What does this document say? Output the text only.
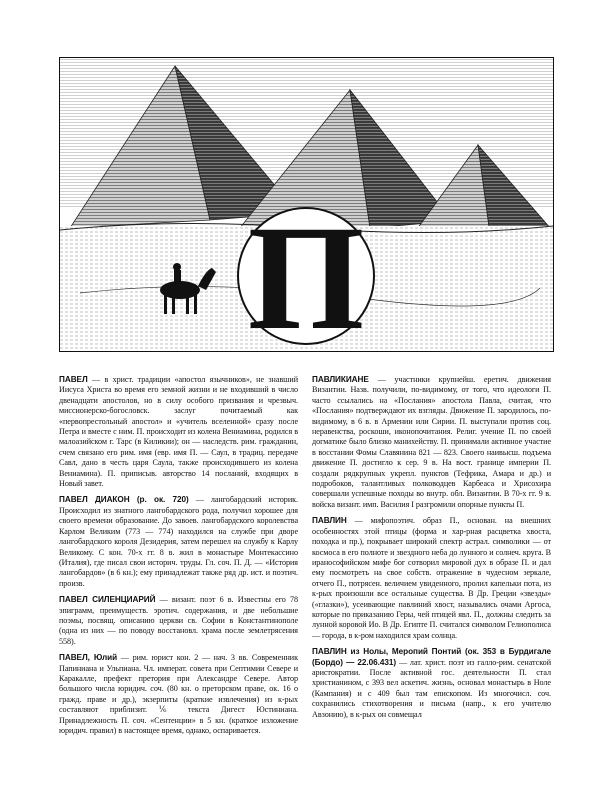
П

ПАВЕЛ — в христ. традиции «апостол язычников», не знавший Иисуса Христа во время его земной жизни и не входивший в число двенадцати апостолов, но в силу особого призвания и чрезвыч. миссионерско-богословск. заслуг почитаемый как «первопрестольный апостол» и «учитель вселенной» сразу после Петра и вместе с ним. П. происходит из колена Вениамина, родился в малоазийском г. Тарс (в Киликии); он — наследств. рим. гражданин, счем связано его рим. имя (евр. имя П. — Саул, в традиц. передаче Савл, дано в честь царя Саула, также происходившего из колена Вениамина). П. приписыв. авторство 14 посланий, входящих в Новый завет.

ПАВЕЛ ДИАКОН (р. ок. 720) — лангобардский историк. Происходил из знатного лангобардского рода, получил хорошее для своего времени образование. До завоев. лангобардского королевства Карлом Великим (773 — 774) находился на службе при дворе лангобардского короля Дезидерия, затем перешел на службу к Карлу Великому. С кон. 70-х гг. 8 в. жил в монастыре Монтекассино (Италия), где писал свои историч. труды. Гл. соч. П. Д. — «История лангобардов» (в 6 кн.); ему принадлежат также ряд др. ист. и поэтич. произв.

ПАВЕЛ СИЛЕНЦИАРИЙ — визант. поэт 6 в. Известны его 78 эпиграмм, преимуществ. эротич. содержания, и две небольшие поэмы, посвящ. описанию церкви св. Софии в Константинополе (одна из них — по поводу восстановл. храма после землетрясения 558).

ПАВЕЛ, Юлий — рим. юрист кон. 2 — нач. 3 вв. Современник Папиниана и Ульпиана. Чл. императ. совета при Септимии Севере и Каракалле, префект претория при Александре Севере. Автор большого числа юридич. соч. (80 кн. о преторском праве, ок. 16 о гражд. праве и др.), экзерпиты (краткие извлечения) из к-рых составляют приблизит. ⅙ текста Дигест Юстиниана. Принадлежность П. соч. «Сентенции» в 5 кн. (краткое изложение юридич. правил) в настоящее время, однако, оспаривается.

ПАВЛИКИАНЕ — участники крупнейш. еретич. движения Византии. Назв. получили, по-видимому, от того, что идеологи П. часто ссылались на «Послания» апостола Павла, считая, что «Послания» подтверждают их взгляды. Движение П. зародилось, по-видимому, в 6 в. в Армении или Сирии. П. выступали против соц. неравенства, роскоши, иконопочитания. Религ. учение П. по своей догматике было близко манихейству. П. принимали активное участие в восстании Фомы Славянина 821 — 823. Своего наивысш. подъема движение П. достигло к сер. 9 в. На вост. границе империи П. создали рядкрупных укрепл. пунктов (Тефрика, Амара и др.) и подробоков, талантливых полководцев Карбеаса и Хрисохира совершали успешные походы во внутр. обл. Византии. В 70-х гг. 9 в. войска визант. имп. Василия I разгромили опорные пункты П.

ПАВЛИН — мифопоэтич. образ П., основан. на внешних особенностях этой птицы (форма и хар-рная расцветка хвоста, походка и пр.), покрывает широкий спектр астрал. символики — от космоса в его полноте и звездного неба до лунного и солнеч. круга. В иранософийском мифе бог сотворил мировой дух в образе П. и дал ему посмотреть на свое собств. отражение в чудесном зеркале, отчего П., потрясен. величием увиденного, пролил капельки пота, из к-рых произошли все остальные существа. В Др. Греции «звезды» («глазки»), усеивающие павлиний хвост, назывались очами Аргоса, которые по приказанию Геры, чей птицей явл. П., должны следить за лунной коровой Ио. В Др. Египте П. считался символом Гелиополиса — города, в к-ром находился храм солнца.

ПАВЛИН из Нолы, Меропий Понтий (ок. 353 в Бурдигале (Бордо) — 22.06.431) — лат. христ. поэт из галло-рим. сенатской аристократии. После активной гос. деятельности П. стал христианином, с 393 вел аскетич. жизнь, основал монастырь в Ноле (Кампания) и с 409 был там епископом. Из многочисл. соч. сохранились стихотворения и письма (напр., к его учителю Авзонию), в к-рых он совмещал
